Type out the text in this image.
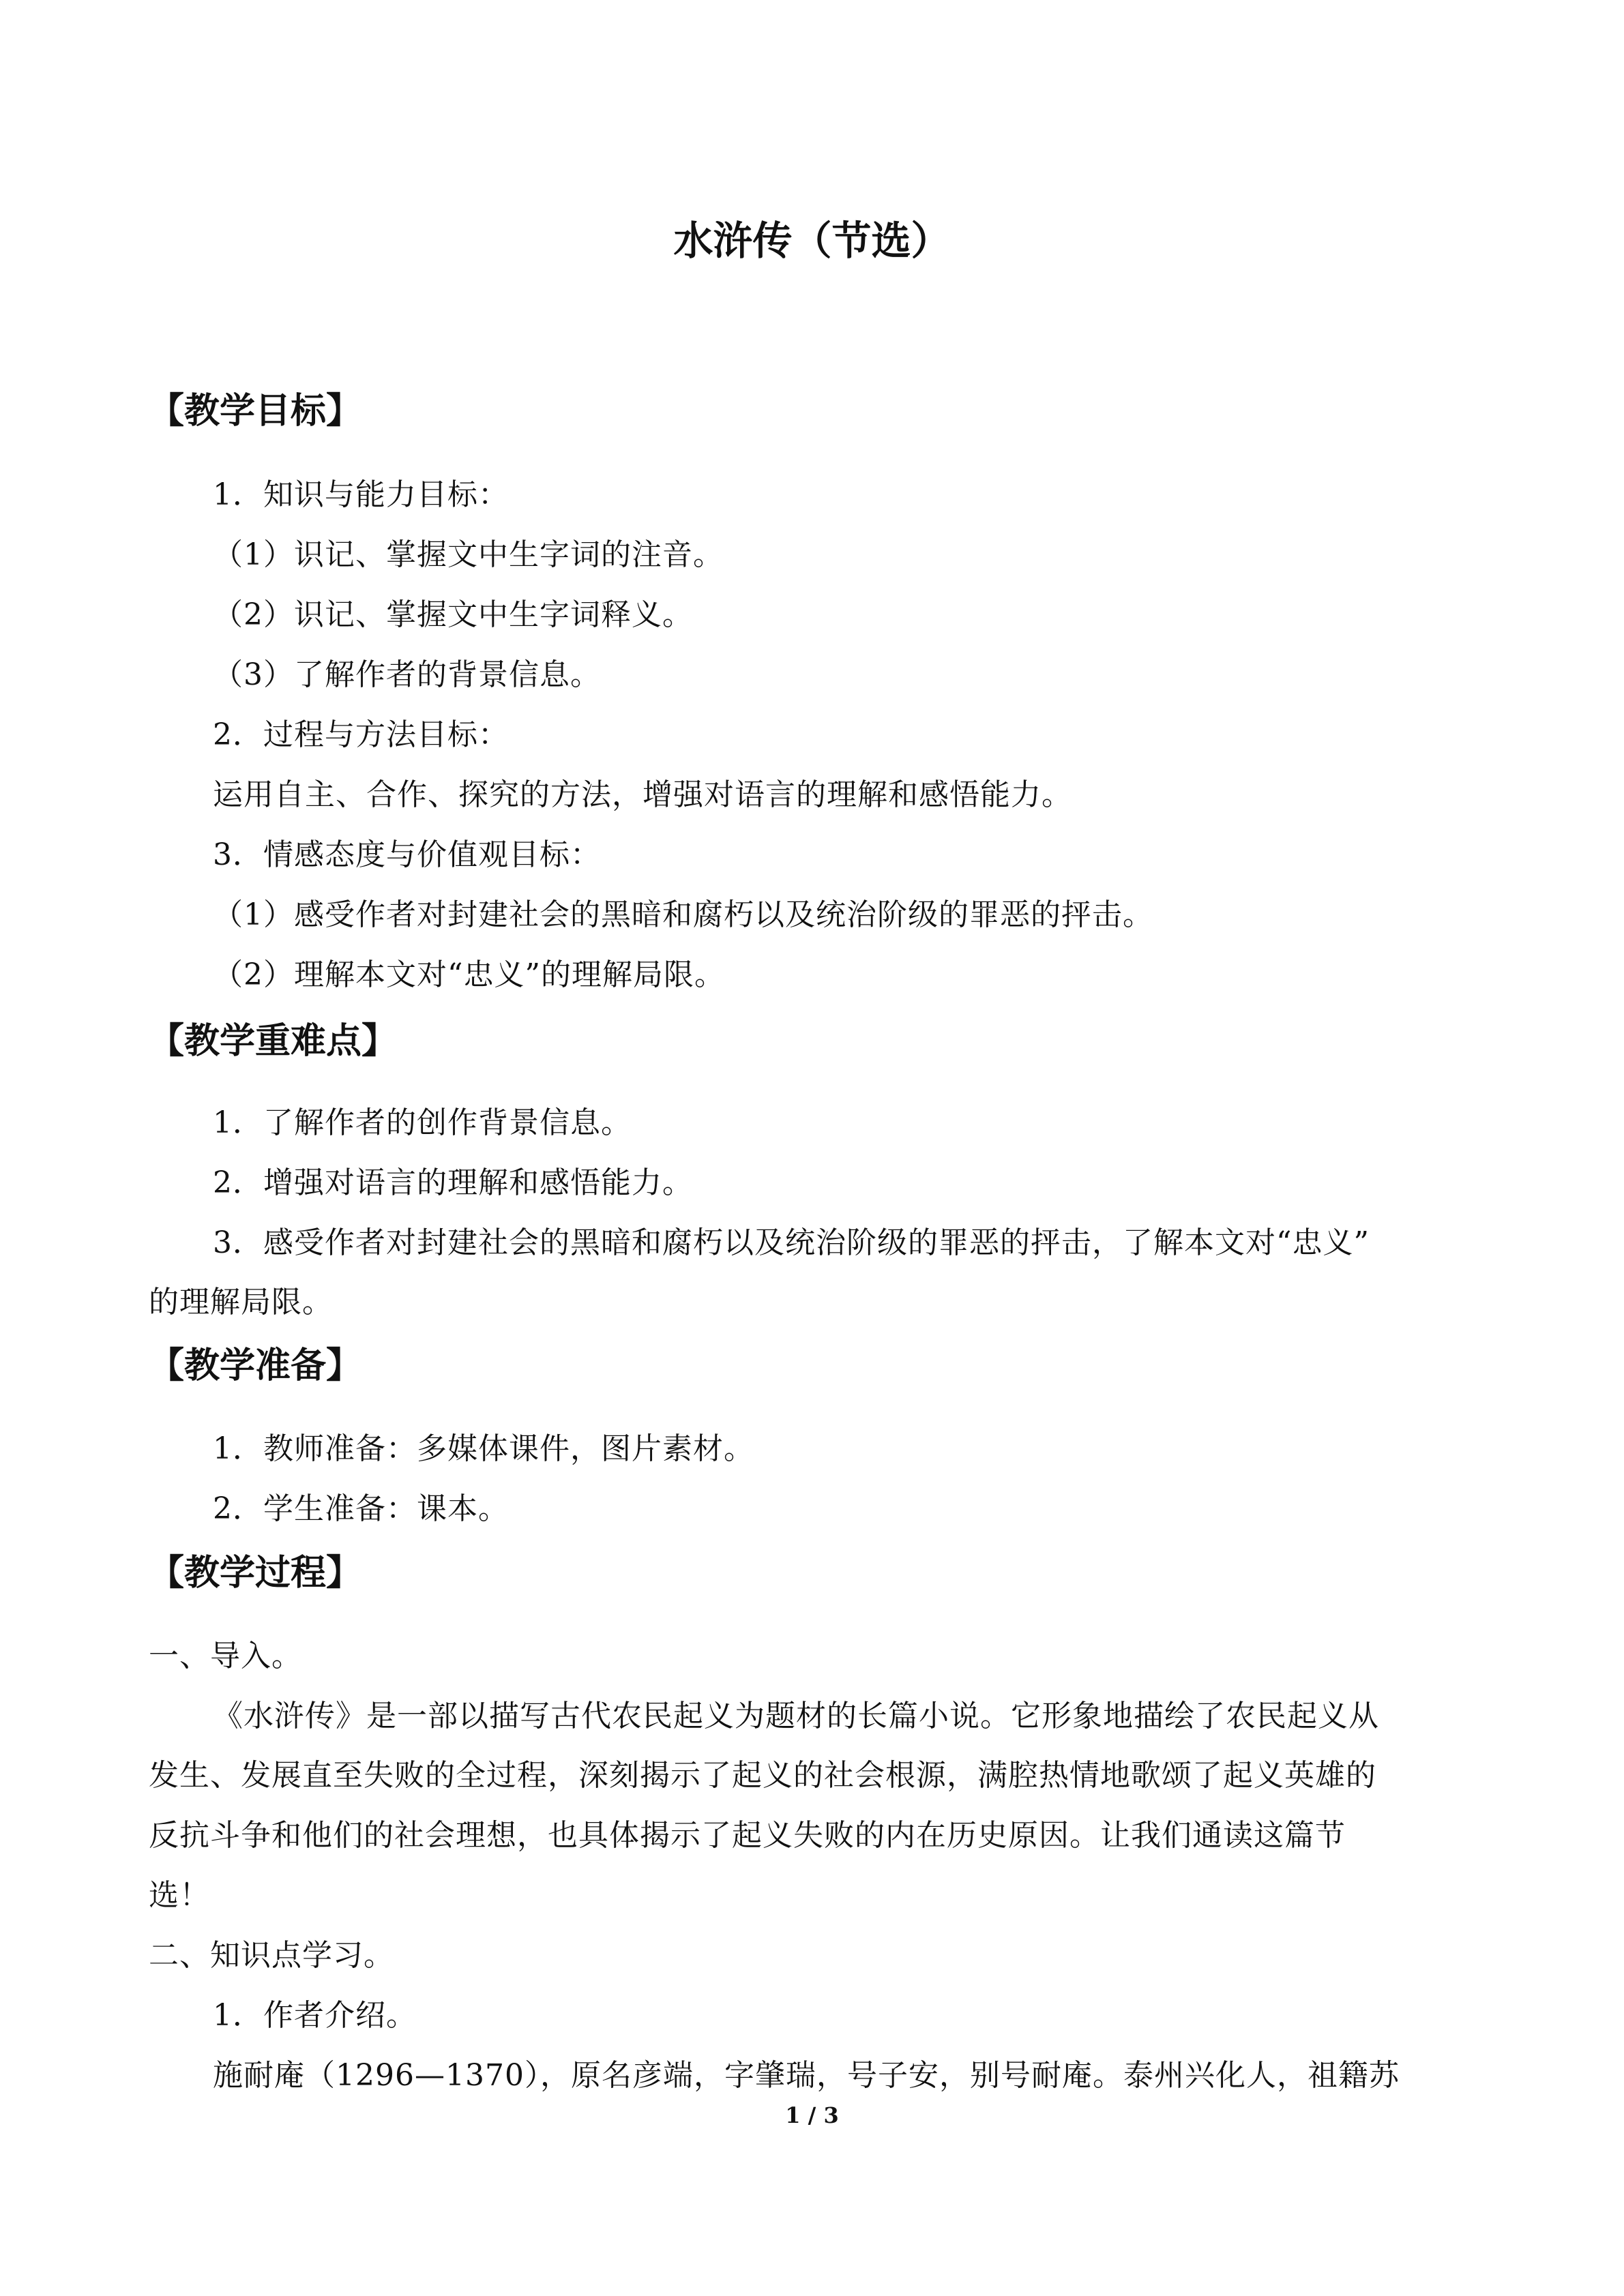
水浒传（节选）
【教学目标】
1．知识与能力目标：
（1）识记、掌握文中生字词的注音。
（2）识记、掌握文中生字词释义。
（3）了解作者的背景信息。
2．过程与方法目标：
运用自主、合作、探究的方法，增强对语言的理解和感悟能力。
3．情感态度与价值观目标：
（1）感受作者对封建社会的黑暗和腐朽以及统治阶级的罪恶的抨击。
（2）理解本文对“忠义”的理解局限。
【教学重难点】
1．了解作者的创作背景信息。
2．增强对语言的理解和感悟能力。
3．感受作者对封建社会的黑暗和腐朽以及统治阶级的罪恶的抨击，了解本文对“忠义”
的理解局限。
【教学准备】
1．教师准备：多媒体课件，图片素材。
2．学生准备：课本。
【教学过程】
一、导入。
《水浒传》是一部以描写古代农民起义为题材的长篇小说。它形象地描绘了农民起义从
发生、发展直至失败的全过程，深刻揭示了起义的社会根源，满腔热情地歌颂了起义英雄的
反抗斗争和他们的社会理想，也具体揭示了起义失败的内在历史原因。让我们通读这篇节
选！
二、知识点学习。
1．作者介绍。
施耐庵（1296—1370），原名彦端，字肇瑞，号子安，别号耐庵。泰州兴化人，祖籍苏
1 / 3
